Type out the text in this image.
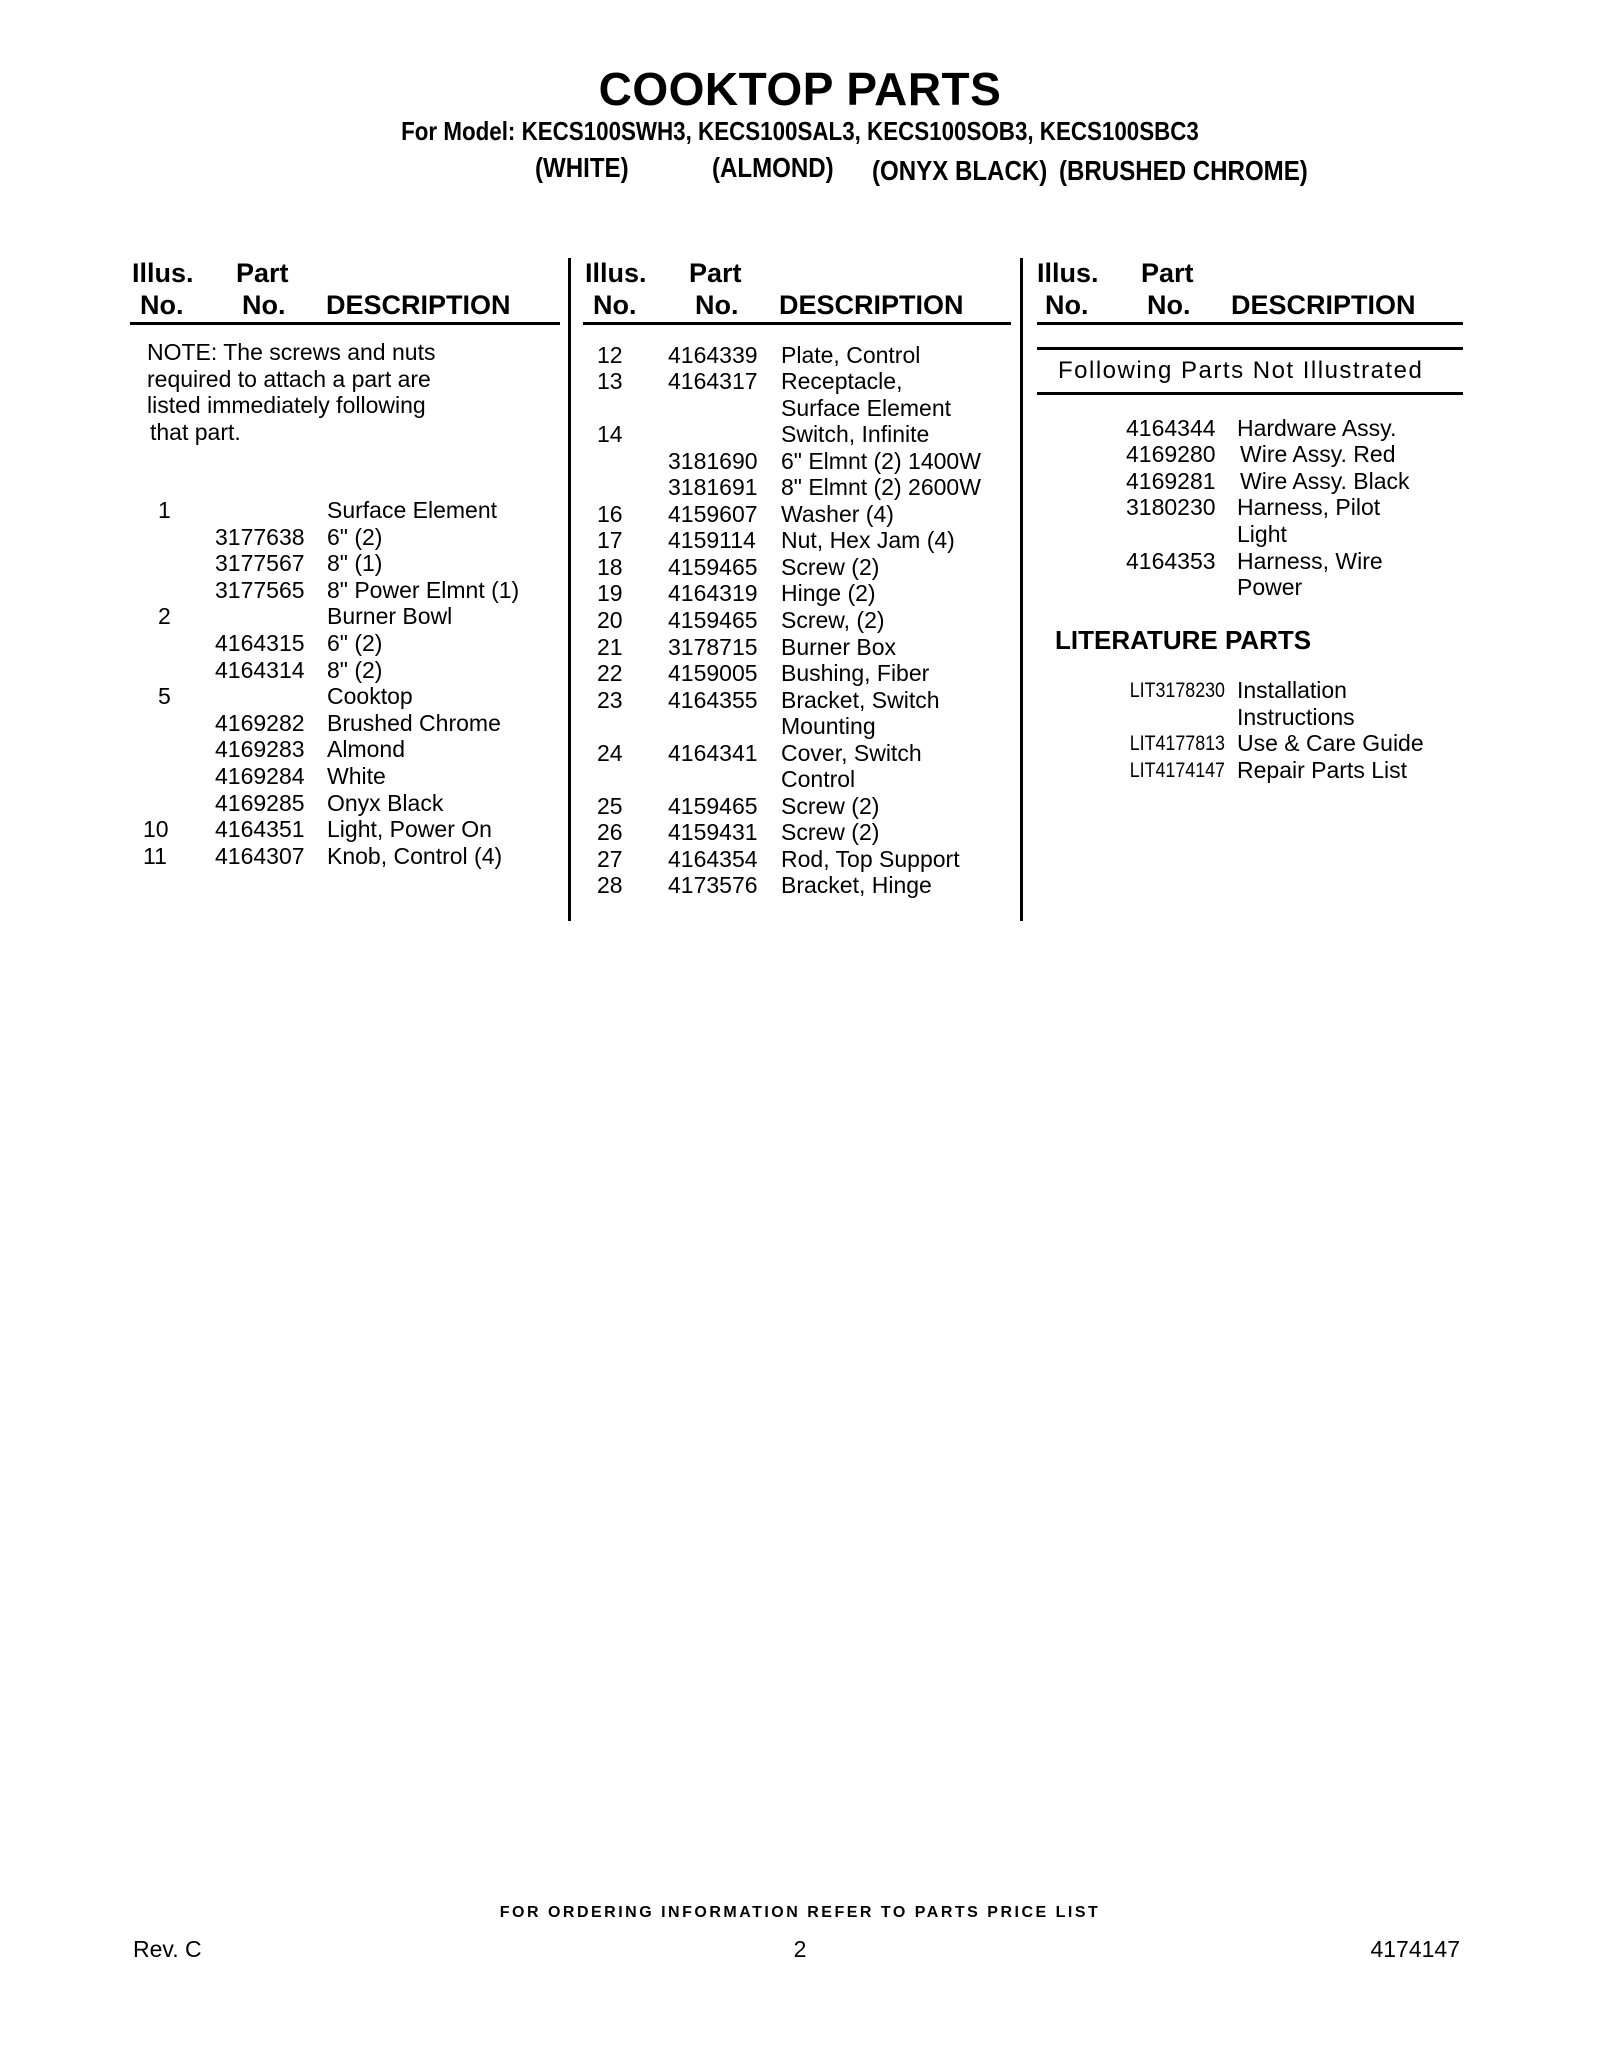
COOKTOP PARTS
For Model: KECS100SWH3, KECS100SAL3, KECS100SOB3, KECS100SBC3
(WHITE)	(ALMOND) (ONYX BLACK) (BRUSHED CHROME)
Illus. Part
No. No. DESCRIPTION
Illus. Part
No. No. DESCRIPTION
Illus. Part
No. No. DESCRIPTION
NOTE: The screws and nuts
required to attach a part are
listed immediately following
that part.
1	Surface Element
3177638 6" (2)
3177567 8" (1)
3177565 8" Power Elmnt (1)
2	Burner Bowl
4164315 6" (2)
4164314 8" (2)
5	Cooktop
4169282 Brushed Chrome
4169283 Almond
4169284 White
4169285 Onyx Black
10 4164351 Light, Power On
11 4164307 Knob, Control (4)
12 4164339 Plate, Control
13 4164317 Receptacle,
Surface Element
14	Switch, Infinite
3181690 6" Elmnt (2) 1400W
3181691 8" Elmnt (2) 2600W
16 4159607 Washer (4)
17 4159114 Nut, Hex Jam (4)
18 4159465 Screw (2)
19 4164319 Hinge (2)
20 4159465 Screw, (2)
21 3178715 Burner Box
22 4159005 Bushing, Fiber
23 4164355 Bracket, Switch
Mounting
24 4164341 Cover, Switch
Control
25 4159465 Screw (2)
26 4159431 Screw (2)
27 4164354 Rod, Top Support
28 4173576 Bracket, Hinge
Following Parts Not Illustrated
4164344 Hardware Assy.
4169280 Wire Assy. Red
4169281 Wire Assy. Black
3180230 Harness, Pilot
Light
4164353 Harness, Wire
Power
LITERATURE PARTS
LIT3178230 Installation
Instructions
LIT4177813 Use & Care Guide
LIT4174147 Repair Parts List
FOR ORDERING INFORMATION REFER TO PARTS PRICE LIST
Rev. C	2	4174147
